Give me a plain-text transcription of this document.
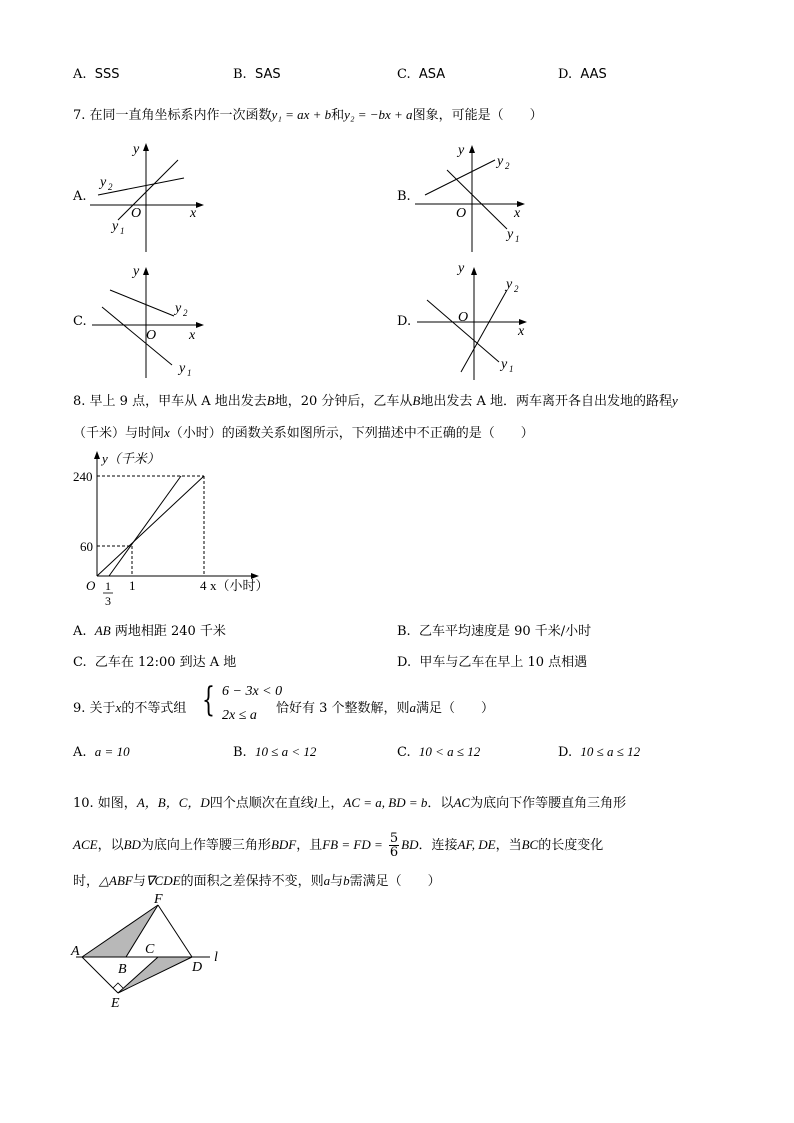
A. SSS	B. SAS	C. ASA	D. AAS
7. 在同一直角坐标系内作一次函数y₁ = ax + b和y₂ = −bx + a图象，可能是（　　）
A.	B.
C.	D.
x
y
O
y 2
y 1
x
y
O
y 2
y 1
x
y
O
y 2
y 1
x
y
O
y 2
y 1
8. 早上 9 点，甲车从 A 地出发去B地，20 分钟后，乙车从B地出发去 A 地．两车离开各自出发地的路程y
（千米）与时间x（小时）的函数关系如图所示，下列描述中不正确的是（　　）
y（千米）
x（小时）
240
60
O	1	4
1
3
A. AB 两地相距 240 千米	B. 乙车平均速度是 90 千米/小时
C. 乙车在 12:00 到达 A 地	D. 甲车与乙车在早上 10 点相遇
9. 关于x的不等式组 { 6 − 3x < 0
2x ≤ a 恰好有 3 个整数解，则a满足（　　）
A. a = 10	B. 10 ≤ a < 12	C. 10 < a ≤ 12	D. 10 ≤ a ≤ 12
10. 如图，A，B，C，D四个点顺次在直线l上，AC = a, BD = b．以AC为底向下作等腰直角三角形
ACE，以BD为底向上作等腰三角形BDF，且FB = FD = $\frac{5}{6}$ BD．连接AF, DE，当BC的长度变化
时，△ABF与∇CDE的面积之差保持不变，则a与b需满足（　　）
A
B
C
D
E
F
l
